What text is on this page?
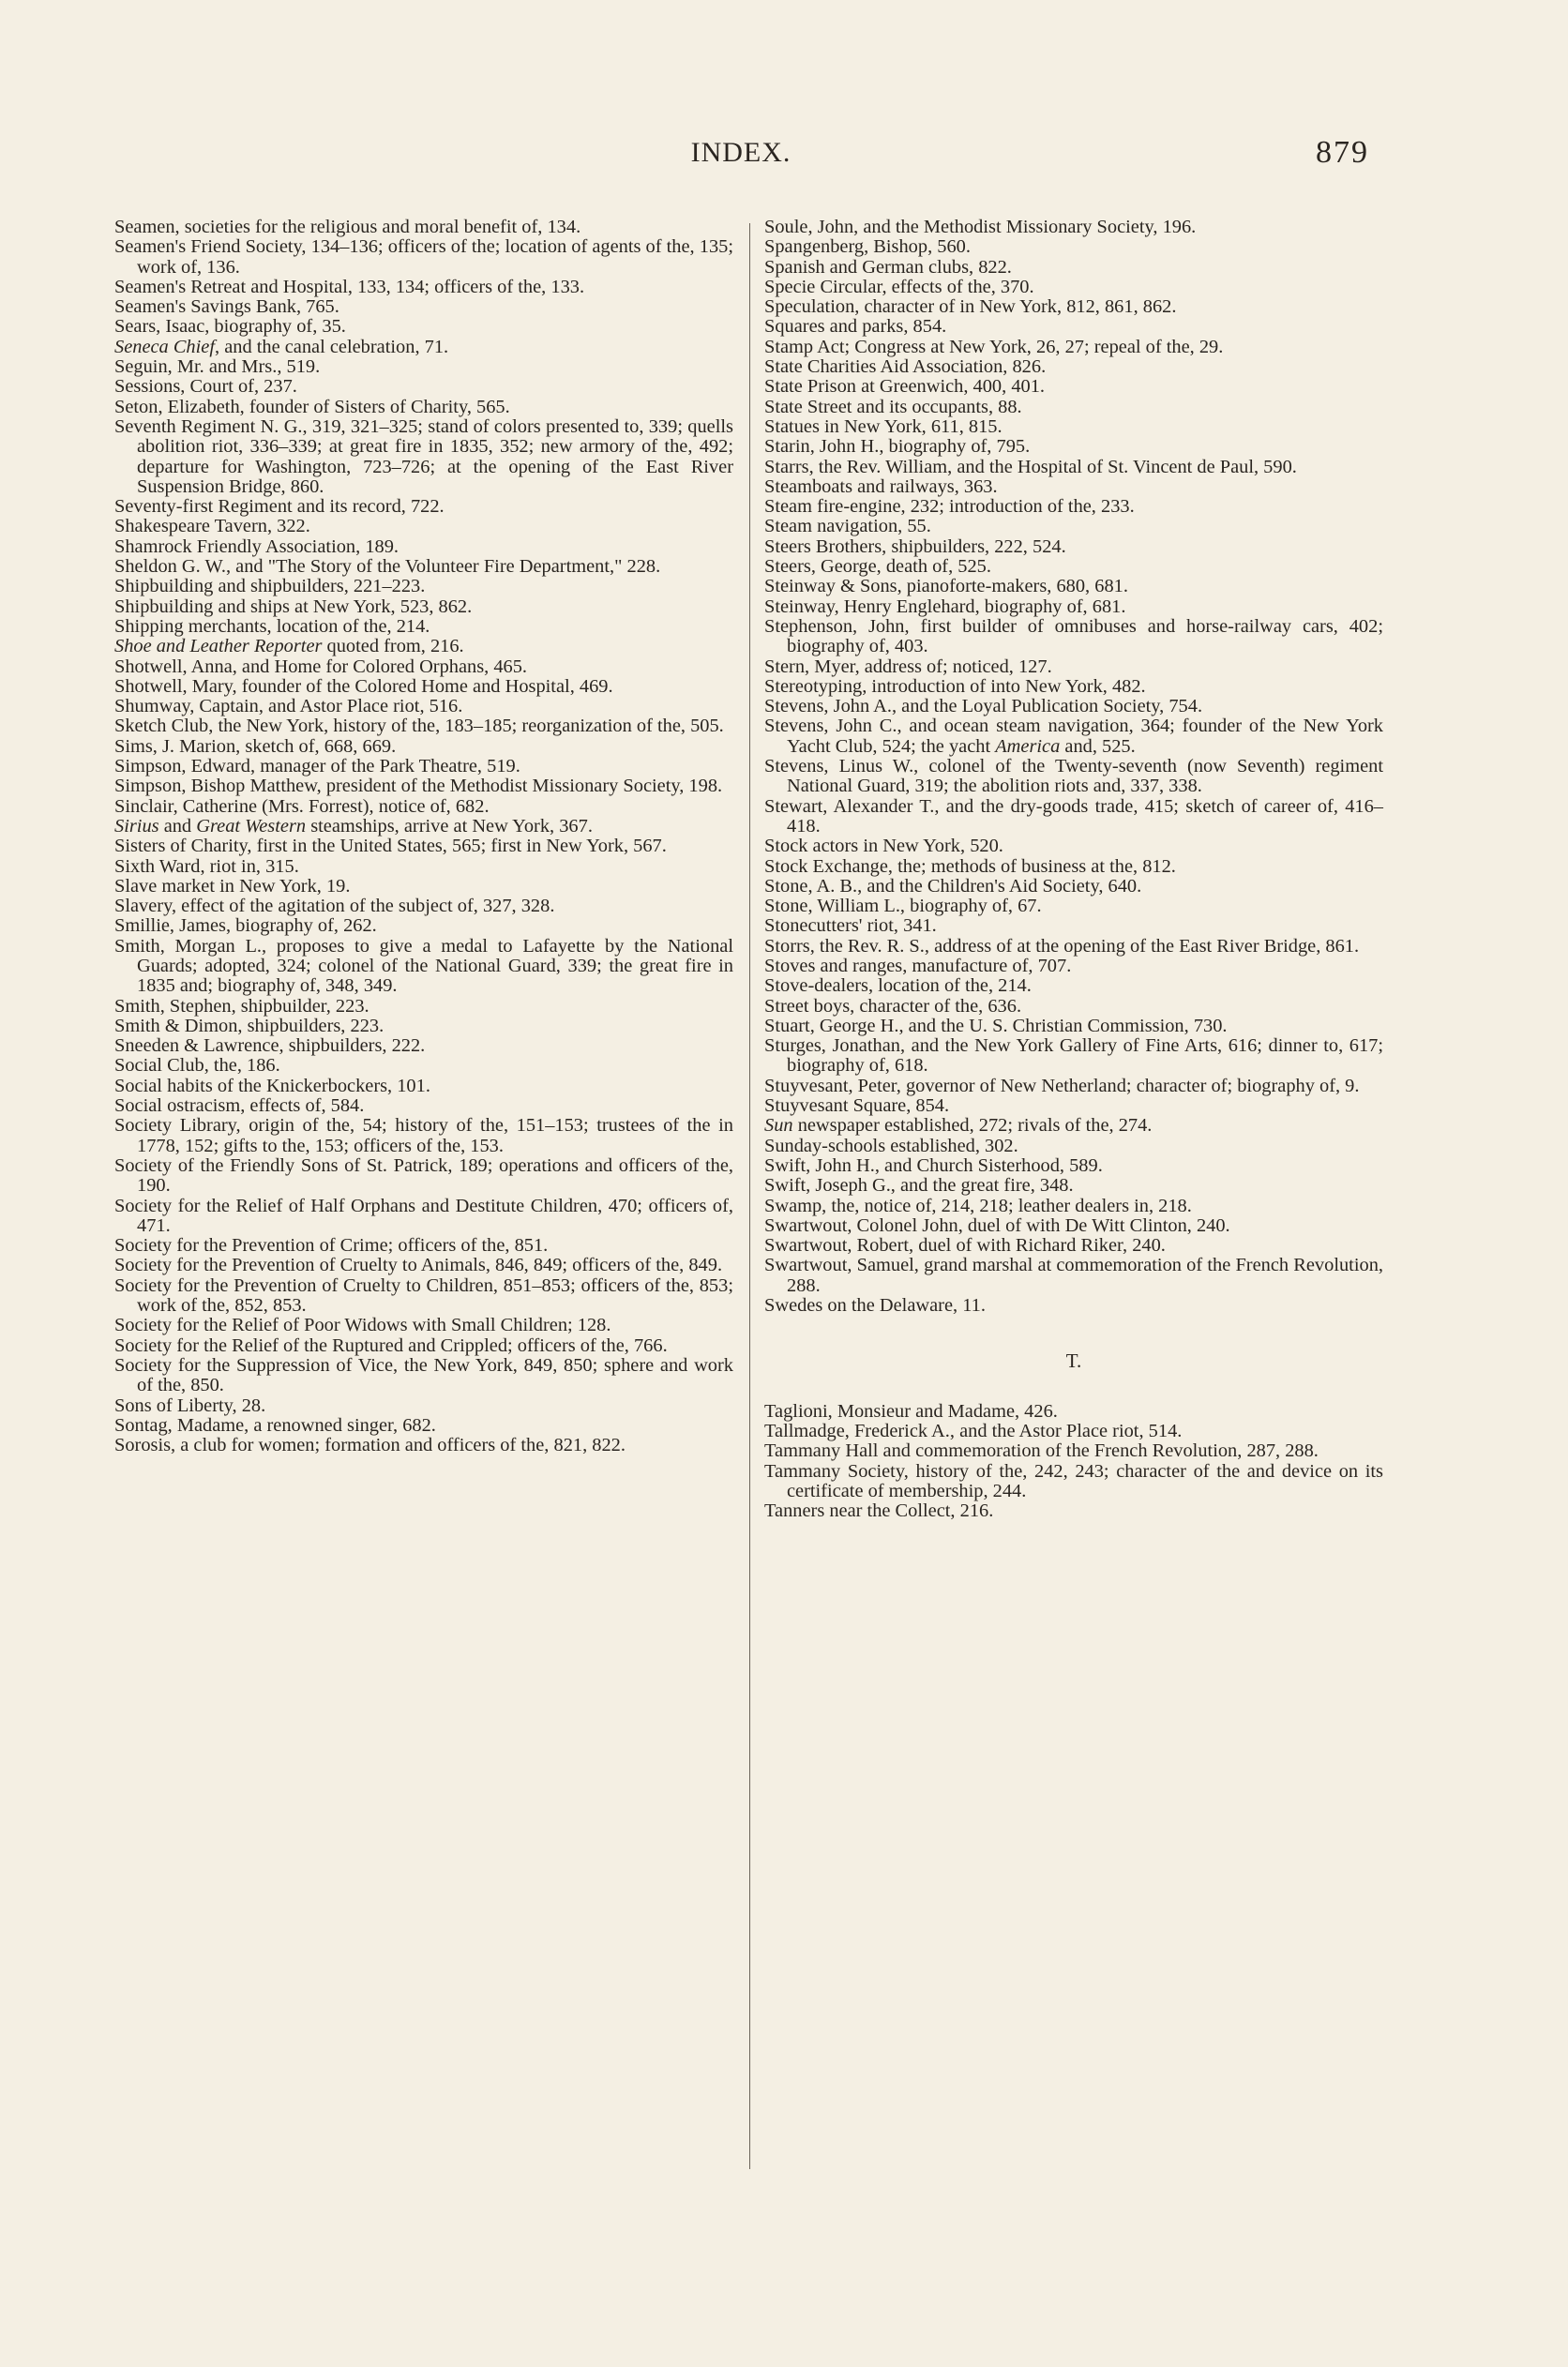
INDEX.	879

Seamen, societies for the religious and moral benefit of, 134.

Seamen's Friend Society, 134–136; officers of the; location of agents of the, 135; work of, 136.

Seamen's Retreat and Hospital, 133, 134; officers of the, 133.

Seamen's Savings Bank, 765.

Sears, Isaac, biography of, 35.

Seneca Chief, and the canal celebration, 71.

Seguin, Mr. and Mrs., 519.

Sessions, Court of, 237.

Seton, Elizabeth, founder of Sisters of Charity, 565.

Seventh Regiment N. G., 319, 321–325; stand of colors presented to, 339; quells abolition riot, 336–339; at great fire in 1835, 352; new armory of the, 492; departure for Washington, 723–726; at the opening of the East River Suspension Bridge, 860.

Seventy-first Regiment and its record, 722.

Shakespeare Tavern, 322.

Shamrock Friendly Association, 189.

Sheldon G. W., and "The Story of the Volunteer Fire Department," 228.

Shipbuilding and shipbuilders, 221–223.

Shipbuilding and ships at New York, 523, 862.

Shipping merchants, location of the, 214.

Shoe and Leather Reporter quoted from, 216.

Shotwell, Anna, and Home for Colored Orphans, 465.

Shotwell, Mary, founder of the Colored Home and Hospital, 469.

Shumway, Captain, and Astor Place riot, 516.

Sketch Club, the New York, history of the, 183–185; reorganization of the, 505.

Sims, J. Marion, sketch of, 668, 669.

Simpson, Edward, manager of the Park Theatre, 519.

Simpson, Bishop Matthew, president of the Methodist Missionary Society, 198.

Sinclair, Catherine (Mrs. Forrest), notice of, 682.

Sirius and Great Western steamships, arrive at New York, 367.

Sisters of Charity, first in the United States, 565; first in New York, 567.

Sixth Ward, riot in, 315.

Slave market in New York, 19.

Slavery, effect of the agitation of the subject of, 327, 328.

Smillie, James, biography of, 262.

Smith, Morgan L., proposes to give a medal to Lafayette by the National Guards; adopted, 324; colonel of the National Guard, 339; the great fire in 1835 and; biography of, 348, 349.

Smith, Stephen, shipbuilder, 223.

Smith & Dimon, shipbuilders, 223.

Sneeden & Lawrence, shipbuilders, 222.

Social Club, the, 186.

Social habits of the Knickerbockers, 101.

Social ostracism, effects of, 584.

Society Library, origin of the, 54; history of the, 151–153; trustees of the in 1778, 152; gifts to the, 153; officers of the, 153.

Society of the Friendly Sons of St. Patrick, 189; operations and officers of the, 190.

Society for the Relief of Half Orphans and Destitute Children, 470; officers of, 471.

Society for the Prevention of Crime; officers of the, 851.

Society for the Prevention of Cruelty to Animals, 846, 849; officers of the, 849.

Society for the Prevention of Cruelty to Children, 851–853; officers of the, 853; work of the, 852, 853.

Society for the Relief of Poor Widows with Small Children; 128.

Society for the Relief of the Ruptured and Crippled; officers of the, 766.

Society for the Suppression of Vice, the New York, 849, 850; sphere and work of the, 850.

Sons of Liberty, 28.

Sontag, Madame, a renowned singer, 682.

Sorosis, a club for women; formation and officers of the, 821, 822.

Soule, John, and the Methodist Missionary Society, 196.

Spangenberg, Bishop, 560.

Spanish and German clubs, 822.

Specie Circular, effects of the, 370.

Speculation, character of in New York, 812, 861, 862.

Squares and parks, 854.

Stamp Act; Congress at New York, 26, 27; repeal of the, 29.

State Charities Aid Association, 826.

State Prison at Greenwich, 400, 401.

State Street and its occupants, 88.

Statues in New York, 611, 815.

Starin, John H., biography of, 795.

Starrs, the Rev. William, and the Hospital of St. Vincent de Paul, 590.

Steamboats and railways, 363.

Steam fire-engine, 232; introduction of the, 233.

Steam navigation, 55.

Steers Brothers, shipbuilders, 222, 524.

Steers, George, death of, 525.

Steinway & Sons, pianoforte-makers, 680, 681.

Steinway, Henry Englehard, biography of, 681.

Stephenson, John, first builder of omnibuses and horse-railway cars, 402; biography of, 403.

Stern, Myer, address of; noticed, 127.

Stereotyping, introduction of into New York, 482.

Stevens, John A., and the Loyal Publication Society, 754.

Stevens, John C., and ocean steam navigation, 364; founder of the New York Yacht Club, 524; the yacht America and, 525.

Stevens, Linus W., colonel of the Twenty-seventh (now Seventh) regiment National Guard, 319; the abolition riots and, 337, 338.

Stewart, Alexander T., and the dry-goods trade, 415; sketch of career of, 416–418.

Stock actors in New York, 520.

Stock Exchange, the; methods of business at the, 812.

Stone, A. B., and the Children's Aid Society, 640.

Stone, William L., biography of, 67.

Stonecutters' riot, 341.

Storrs, the Rev. R. S., address of at the opening of the East River Bridge, 861.

Stoves and ranges, manufacture of, 707.

Stove-dealers, location of the, 214.

Street boys, character of the, 636.

Stuart, George H., and the U. S. Christian Commission, 730.

Sturges, Jonathan, and the New York Gallery of Fine Arts, 616; dinner to, 617; biography of, 618.

Stuyvesant, Peter, governor of New Netherland; character of; biography of, 9.

Stuyvesant Square, 854.

Sun newspaper established, 272; rivals of the, 274.

Sunday-schools established, 302.

Swift, John H., and Church Sisterhood, 589.

Swift, Joseph G., and the great fire, 348.

Swamp, the, notice of, 214, 218; leather dealers in, 218.

Swartwout, Colonel John, duel of with De Witt Clinton, 240.

Swartwout, Robert, duel of with Richard Riker, 240.

Swartwout, Samuel, grand marshal at commemoration of the French Revolution, 288.

Swedes on the Delaware, 11.

T.

Taglioni, Monsieur and Madame, 426.

Tallmadge, Frederick A., and the Astor Place riot, 514.

Tammany Hall and commemoration of the French Revolution, 287, 288.

Tammany Society, history of the, 242, 243; character of the and device on its certificate of membership, 244.

Tanners near the Collect, 216.
